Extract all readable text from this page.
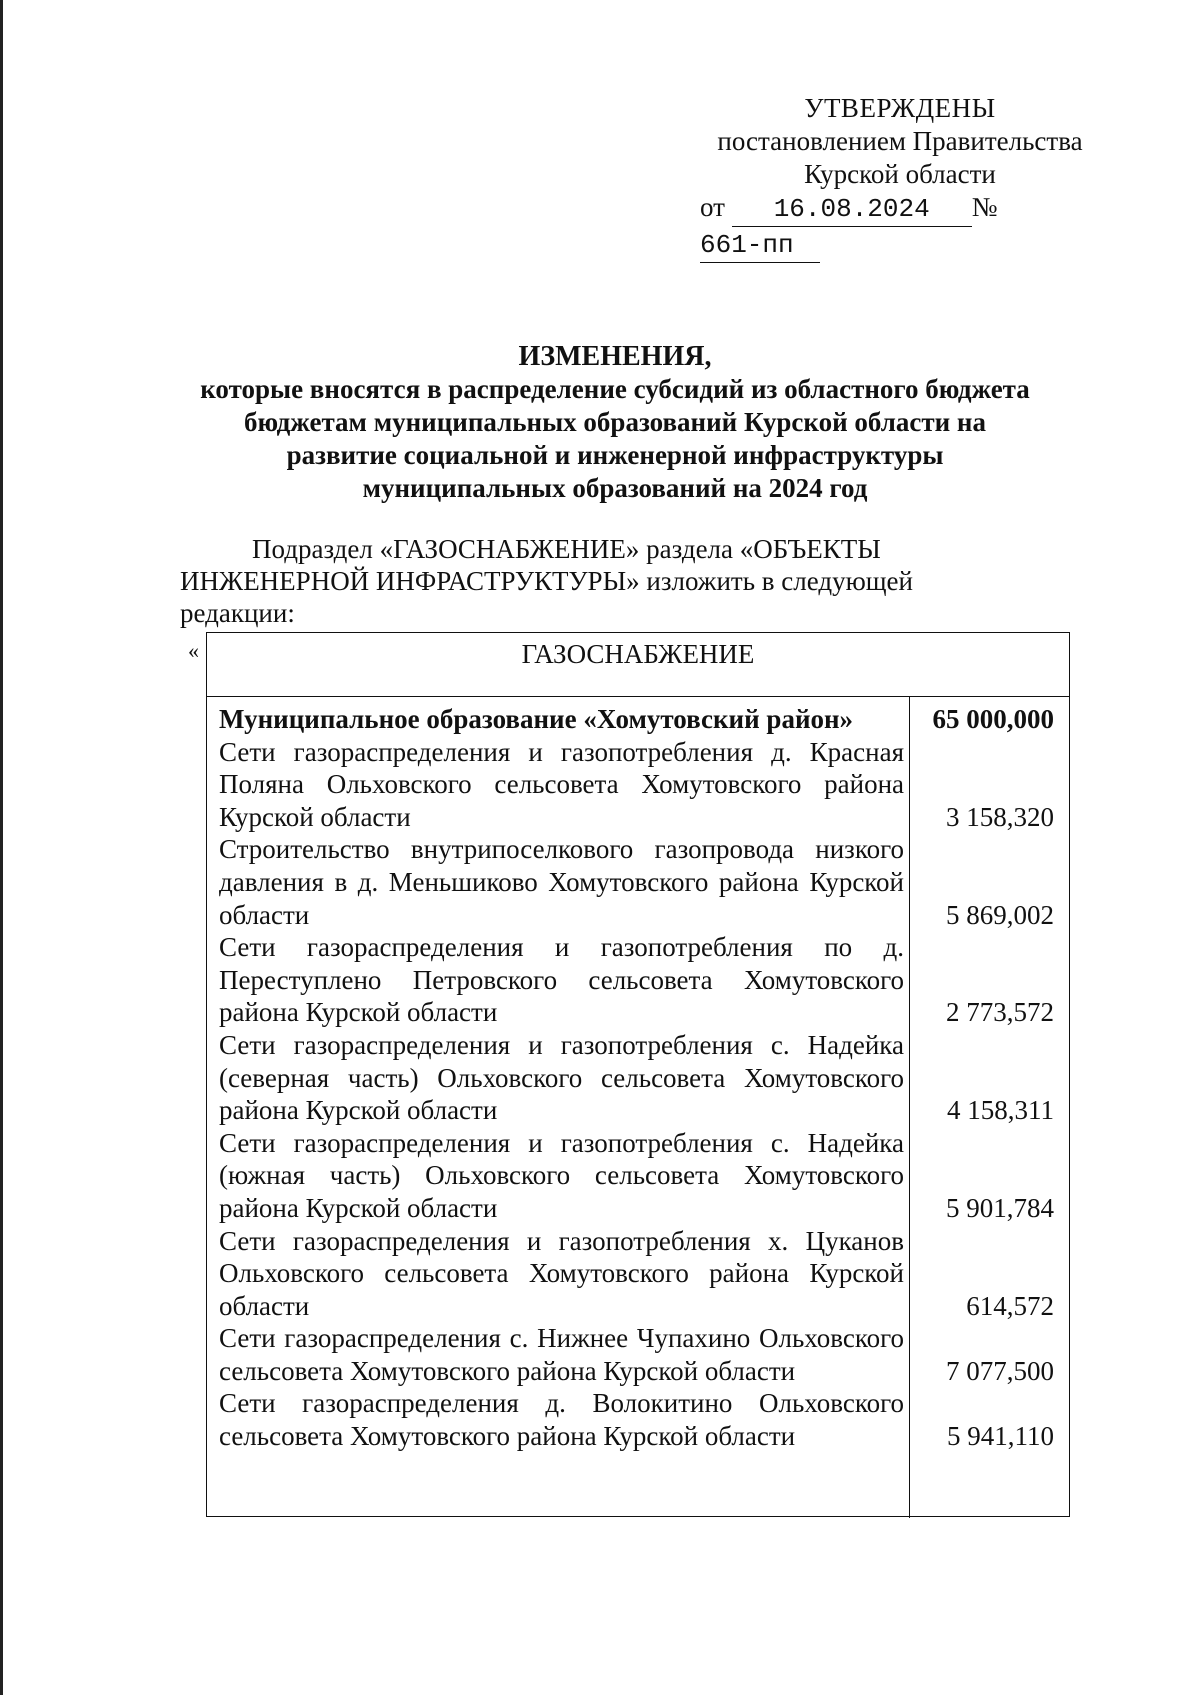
УТВЕРЖДЕНЫ
постановлением Правительства
Курской области
от 16.08.2024 № 661-пп
ИЗМЕНЕНИЯ,
которые вносятся в распределение субсидий из областного бюджета
бюджетам муниципальных образований Курской области на
развитие социальной и инженерной инфраструктуры
муниципальных образований на 2024 год
Подраздел «ГАЗОСНАБЖЕНИЕ» раздела «ОБЪЕКТЫ
ИНЖЕНЕРНОЙ ИНФРАСТРУКТУРЫ» изложить в следующей
редакции:
«	ГАЗОСНАБЖЕНИЕ
Муниципальное образование «Хомутовский район»	65 000,000
Сети газораспределения и газопотребления д. Красная Поляна Ольховского сельсовета Хомутовского района Курской области	3 158,320
Строительство внутрипоселкового газопровода низкого давления в д. Меньшиково Хомутовского района Курской области	5 869,002
Сети газораспределения и газопотребления по д. Переступлено Петровского сельсовета Хомутовского района Курской области	2 773,572
Сети газораспределения и газопотребления с. Надейка (северная часть) Ольховского сельсовета Хомутовского района Курской области	4 158,311
Сети газораспределения и газопотребления с. Надейка (южная часть) Ольховского сельсовета Хомутовского района Курской области	5 901,784
Сети газораспределения и газопотребления х. Цуканов Ольховского сельсовета Хомутовского района Курской области	614,572
Сети газораспределения с. Нижнее Чупахино Ольховского сельсовета Хомутовского района Курской области	7 077,500
Сети газораспределения д. Волокитино Ольховского сельсовета Хомутовского района Курской области	5 941,110
